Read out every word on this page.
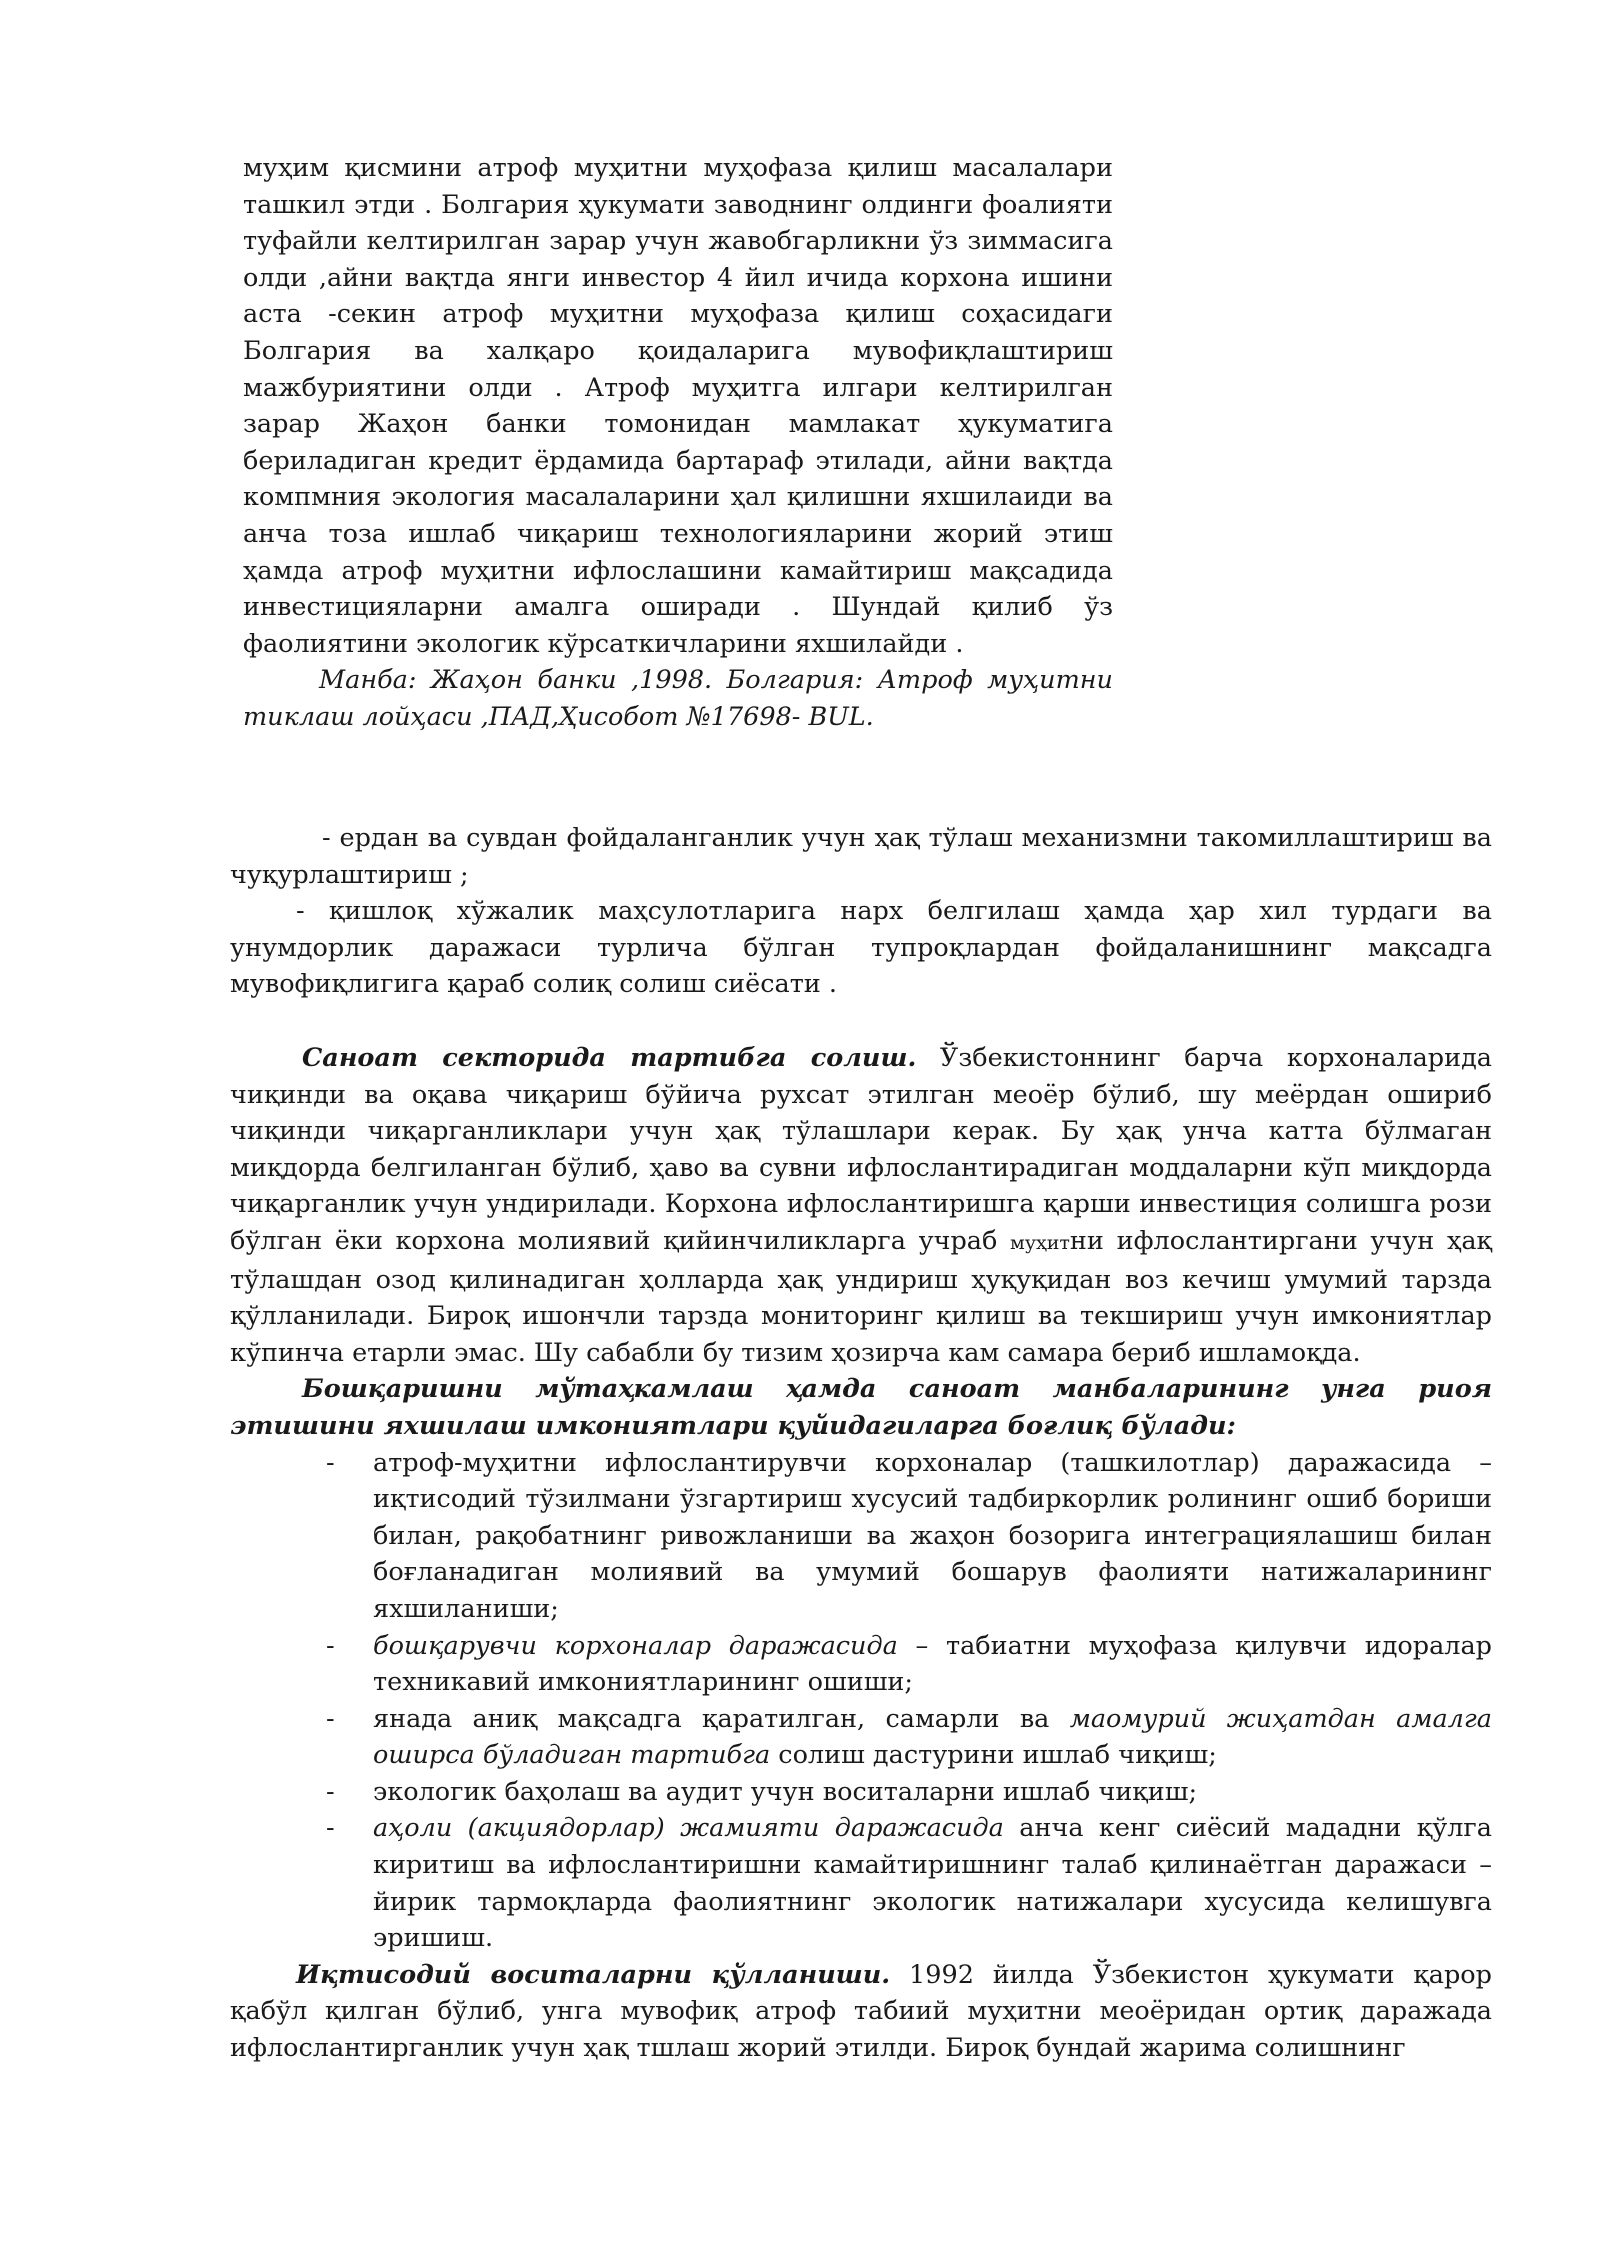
муҳим қисмини атроф муҳитни муҳофаза қилиш масалалари ташкил этди . Болгария ҳукумати заводнинг олдинги фоалияти туфайли келтирилган зарар учун жавобгарликни ўз зиммасига олди ,айни вақтда янги инвестор 4 йил ичида корхона ишини аста -секин атроф муҳитни муҳофаза қилиш соҳасидаги Болгария ва халқаро қоидаларига мувофиқлаштириш мажбуриятини олди . Атроф муҳитга илгари келтирилган зарар Жаҳон банки томонидан мамлакат ҳукуматига бериладиган кредит ёрдамида бартараф этилади, айни вақтда компмния экология масалаларини ҳал қилишни яхшилаиди ва анча тоза ишлаб чиқариш технологияларини жорий этиш ҳамда атроф муҳитни ифлослашини камайтириш мақсадида инвестицияларни амалга оширади . Шундай қилиб ўз фаолиятини экологик кўрсаткичларини яхшилайди .

Манба: Жаҳон банки ,1998. Болгария: Атроф муҳитни тиклаш лойҳаси ,ПАД,Ҳисобот №17698- BUL.

- ердан ва сувдан фойдаланганлик учун ҳақ тўлаш механизмни такомиллаштириш ва чуқурлаштириш ;

- қишлоқ хўжалик маҳсулотларига нарх белгилаш ҳамда ҳар хил турдаги ва унумдорлик даражаси турлича бўлган тупроқлардан фойдаланишнинг мақсадга мувофиқлигига қараб солиқ солиш сиёсати .

Саноат секторида тартибга солиш. Ўзбекистоннинг барча корхоналарида чиқинди ва оқава чиқариш бўйича рухсат этилган меоёр бўлиб, шу меёрдан ошириб чиқинди чиқарганликлари учун ҳақ тўлашлари керак. Бу ҳақ унча катта бўлмаган миқдорда белгиланган бўлиб, ҳаво ва сувни ифлослантирадиган моддаларни кўп миқдорда чиқарганлик учун ундирилади. Корхона ифлослантиришга қарши инвестиция солишга рози бўлган ёки корхона молиявий қийинчиликларга учраб муҳитни ифлослантиргани учун ҳақ тўлашдан озод қилинадиган ҳолларда ҳақ ундириш ҳуқуқидан воз кечиш умумий тарзда қўлланилади. Бироқ ишончли тарзда мониторинг қилиш ва текшириш учун имкониятлар кўпинча етарли эмас. Шу сабабли бу тизим ҳозирча кам самара бериб ишламоқда.

Бошқаришни мўтаҳкамлаш ҳамда саноат манбаларининг унга риоя этишини яхшилаш имкониятлари қуйидагиларга боғлиқ бўлади:

- атроф-муҳитни ифлослантирувчи корхоналар (ташкилотлар) даражасида – иқтисодий тўзилмани ўзгартириш хусусий тадбиркорлик ролининг ошиб бориши билан, рақобатнинг ривожланиши ва жаҳон бозорига интеграциялашиш билан боғланадиган молиявий ва умумий бошарув фаолияти натижаларининг яхшиланиши;
- бошқарувчи корхоналар даражасида – табиатни муҳофаза қилувчи идоралар техникавий имкониятларининг ошиши;
- янада аниқ мақсадга қаратилган, самарли ва маомурий жиҳатдан амалга оширса бўладиган тартибга солиш дастурини ишлаб чиқиш;
- экологик баҳолаш ва аудит учун воситаларни ишлаб чиқиш;
- аҳоли (акциядорлар) жамияти даражасида анча кенг сиёсий мададни қўлга киритиш ва ифлослантиришни камайтиришнинг талаб қилинаётган даражаси – йирик тармоқларда фаолиятнинг экологик натижалари хусусида келишувга эришиш.

Иқтисодий воситаларни қўлланиши. 1992 йилда Ўзбекистон ҳукумати қарор қабўл қилган бўлиб, унга мувофиқ атроф табиий муҳитни меоёридан ортиқ даражада ифлослантирганлик учун ҳақ тшлаш жорий этилди. Бироқ бундай жарима солишнинг
